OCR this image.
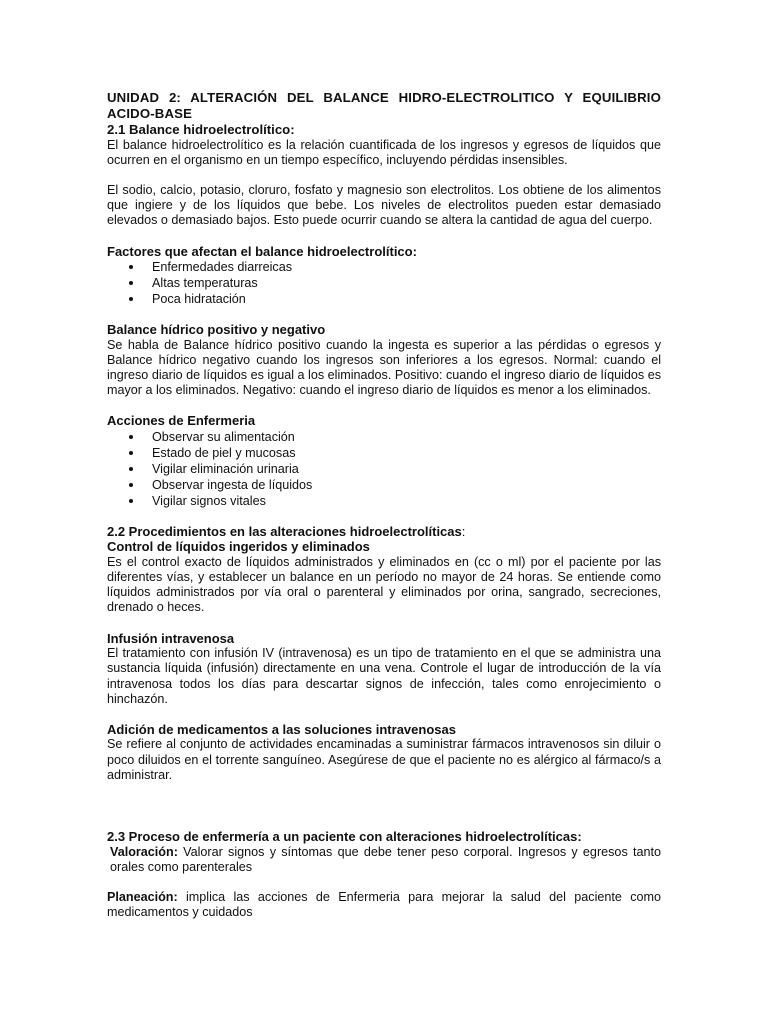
UNIDAD 2: ALTERACIÓN DEL BALANCE HIDRO-ELECTROLITICO Y EQUILIBRIO ACIDO-BASE
2.1 Balance hidroelectrolítico:

El balance hidroelectrolítico es la relación cuantificada de los ingresos y egresos de líquidos que ocurren en el organismo en un tiempo específico, incluyendo pérdidas insensibles.

El sodio, calcio, potasio, cloruro, fosfato y magnesio son electrolitos. Los obtiene de los alimentos que ingiere y de los líquidos que bebe. Los niveles de electrolitos pueden estar demasiado elevados o demasiado bajos. Esto puede ocurrir cuando se altera la cantidad de agua del cuerpo.

Factores que afectan el balance hidroelectrolítico:
Enfermedades diarreicas
Altas temperaturas
Poca hidratación
Balance hídrico positivo y negativo

Se habla de Balance hídrico positivo cuando la ingesta es superior a las pérdidas o egresos y Balance hídrico negativo cuando los ingresos son inferiores a los egresos. Normal: cuando el ingreso diario de líquidos es igual a los eliminados. Positivo: cuando el ingreso diario de líquidos es mayor a los eliminados. Negativo: cuando el ingreso diario de líquidos es menor a los eliminados.

Acciones de Enfermeria
Observar su alimentación
Estado de piel y mucosas
Vigilar eliminación urinaria
Observar ingesta de líquidos
Vigilar signos vitales
2.2 Procedimientos en las alteraciones hidroelectrolíticas:
Control de líquidos ingeridos y eliminados

Es el control exacto de líquidos administrados y eliminados en (cc o ml) por el paciente por las diferentes vías, y establecer un balance en un período no mayor de 24 horas. Se entiende como líquidos administrados por vía oral o parenteral y eliminados por orina, sangrado, secreciones, drenado o heces.

Infusión intravenosa

El tratamiento con infusión IV (intravenosa) es un tipo de tratamiento en el que se administra una sustancia líquida (infusión) directamente en una vena. Controle el lugar de introducción de la vía intravenosa todos los días para descartar signos de infección, tales como enrojecimiento o hinchazón.

Adición de medicamentos a las soluciones intravenosas

Se refiere al conjunto de actividades encaminadas a suministrar fármacos intravenosos sin diluir o poco diluidos en el torrente sanguíneo. Asegúrese de que el paciente no es alérgico al fármaco/s a administrar.

2.3 Proceso de enfermería a un paciente con alteraciones hidroelectrolíticas:

Valoración: Valorar signos y síntomas que debe tener peso corporal. Ingresos y egresos tanto orales como parenterales

Planeación: implica las acciones de Enfermeria para mejorar la salud del paciente como medicamentos y cuidados
